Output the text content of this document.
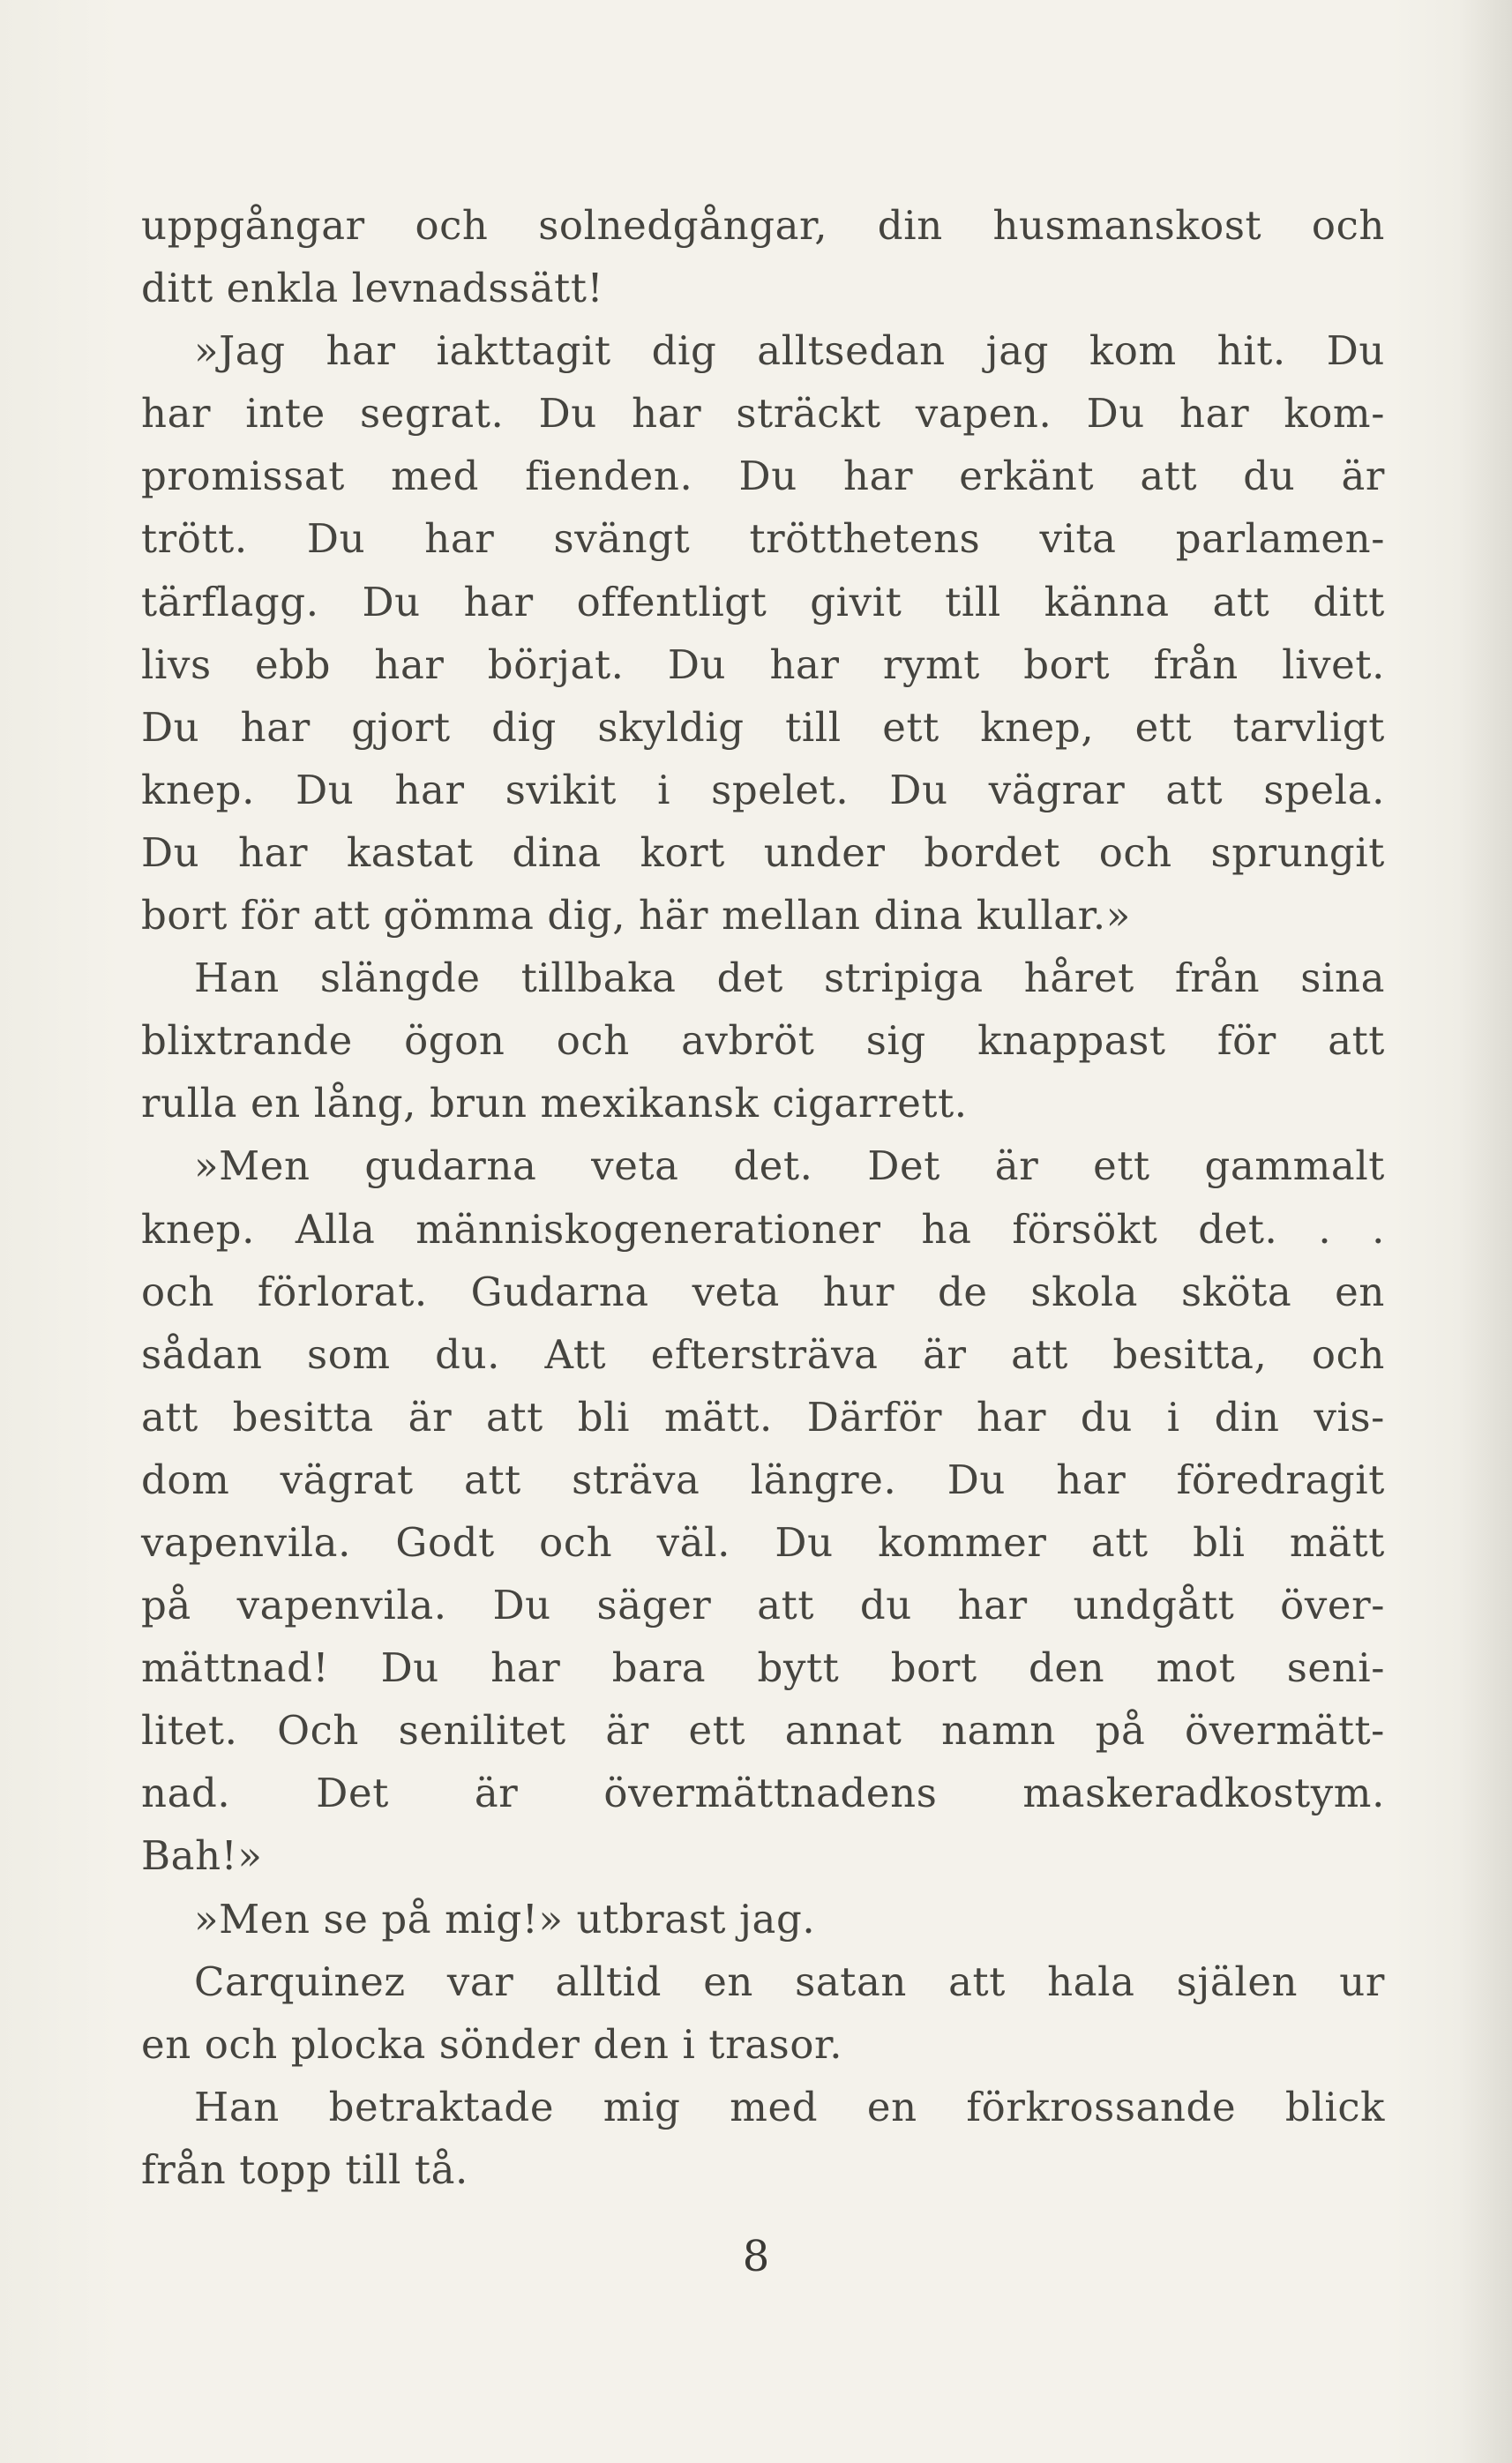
uppgångar och solnedgångar, din husmanskost och
ditt enkla levnadssätt!
»Jag har iakttagit dig alltsedan jag kom hit. Du
har inte segrat. Du har sträckt vapen. Du har kom-
promissat med fienden. Du har erkänt att du är
trött. Du har svängt trötthetens vita parlamen-
tärflagg. Du har offentligt givit till känna att ditt
livs ebb har börjat. Du har rymt bort från livet.
Du har gjort dig skyldig till ett knep, ett tarvligt
knep. Du har svikit i spelet. Du vägrar att spela.
Du har kastat dina kort under bordet och sprungit
bort för att gömma dig, här mellan dina kullar.»
Han slängde tillbaka det stripiga håret från sina
blixtrande ögon och avbröt sig knappast för att
rulla en lång, brun mexikansk cigarrett.
»Men gudarna veta det. Det är ett gammalt
knep. Alla människogenerationer ha försökt det. . .
och förlorat. Gudarna veta hur de skola sköta en
sådan som du. Att eftersträva är att besitta, och
att besitta är att bli mätt. Därför har du i din vis-
dom vägrat att sträva längre. Du har föredragit
vapenvila. Godt och väl. Du kommer att bli mätt
på vapenvila. Du säger att du har undgått över-
mättnad! Du har bara bytt bort den mot seni-
litet. Och senilitet är ett annat namn på övermätt-
nad. Det är övermättnadens maskeradkostym.
Bah!»
»Men se på mig!» utbrast jag.
Carquinez var alltid en satan att hala själen ur
en och plocka sönder den i trasor.
Han betraktade mig med en förkrossande blick
från topp till tå.
8
